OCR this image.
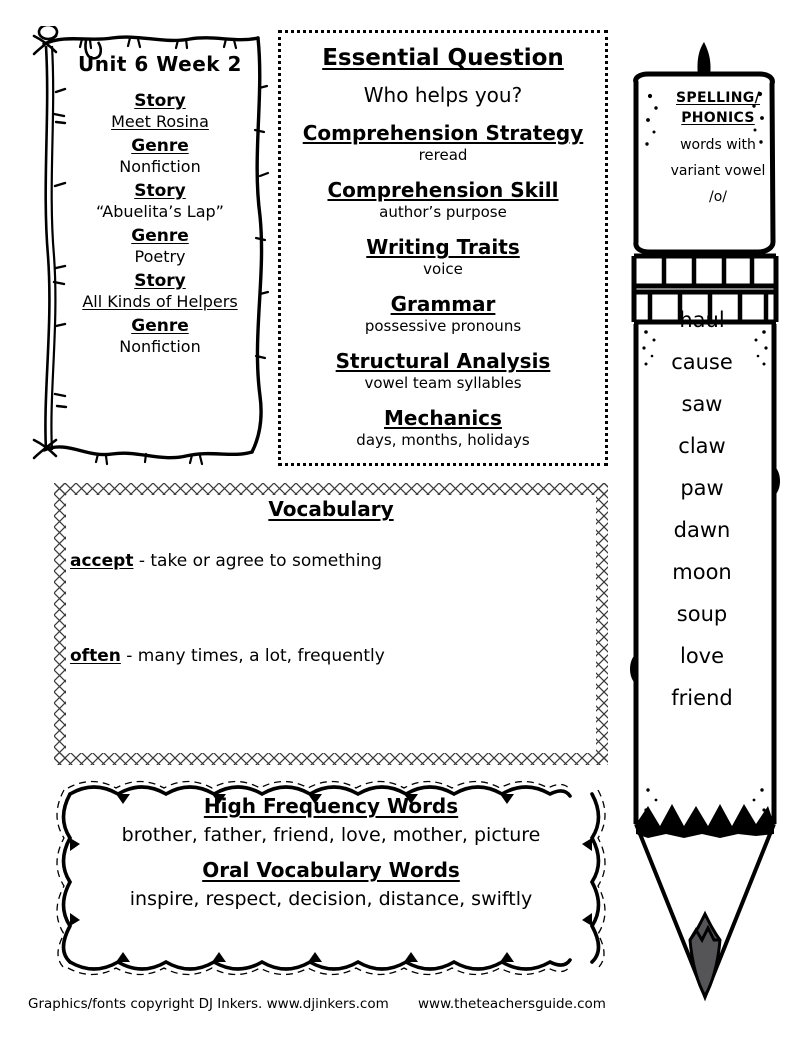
Unit 6 Week 2
Story
Meet Rosina
Genre
Nonfiction
Story
“Abuelita’s Lap”
Genre
Poetry
Story
All Kinds of Helpers
Genre
Nonfiction
Essential Question
Who helps you?
Comprehension Strategy
reread
Comprehension Skill
author’s purpose
Writing Traits
voice
Grammar
possessive pronouns
Structural Analysis
vowel team syllables
Mechanics
days, months, holidays
Vocabulary
accept - take or agree to something
often - many times, a lot, frequently
High Frequency Words
brother, father, friend, love, mother, picture
Oral Vocabulary Words
inspire, respect, decision, distance, swiftly
SPELLING/
PHONICS
words with
variant vowel
/o/
haul
cause
saw
claw
paw
dawn
moon
soup
love
friend
Graphics/fonts copyright DJ Inkers. www.djinkers.com www.theteachersguide.com
